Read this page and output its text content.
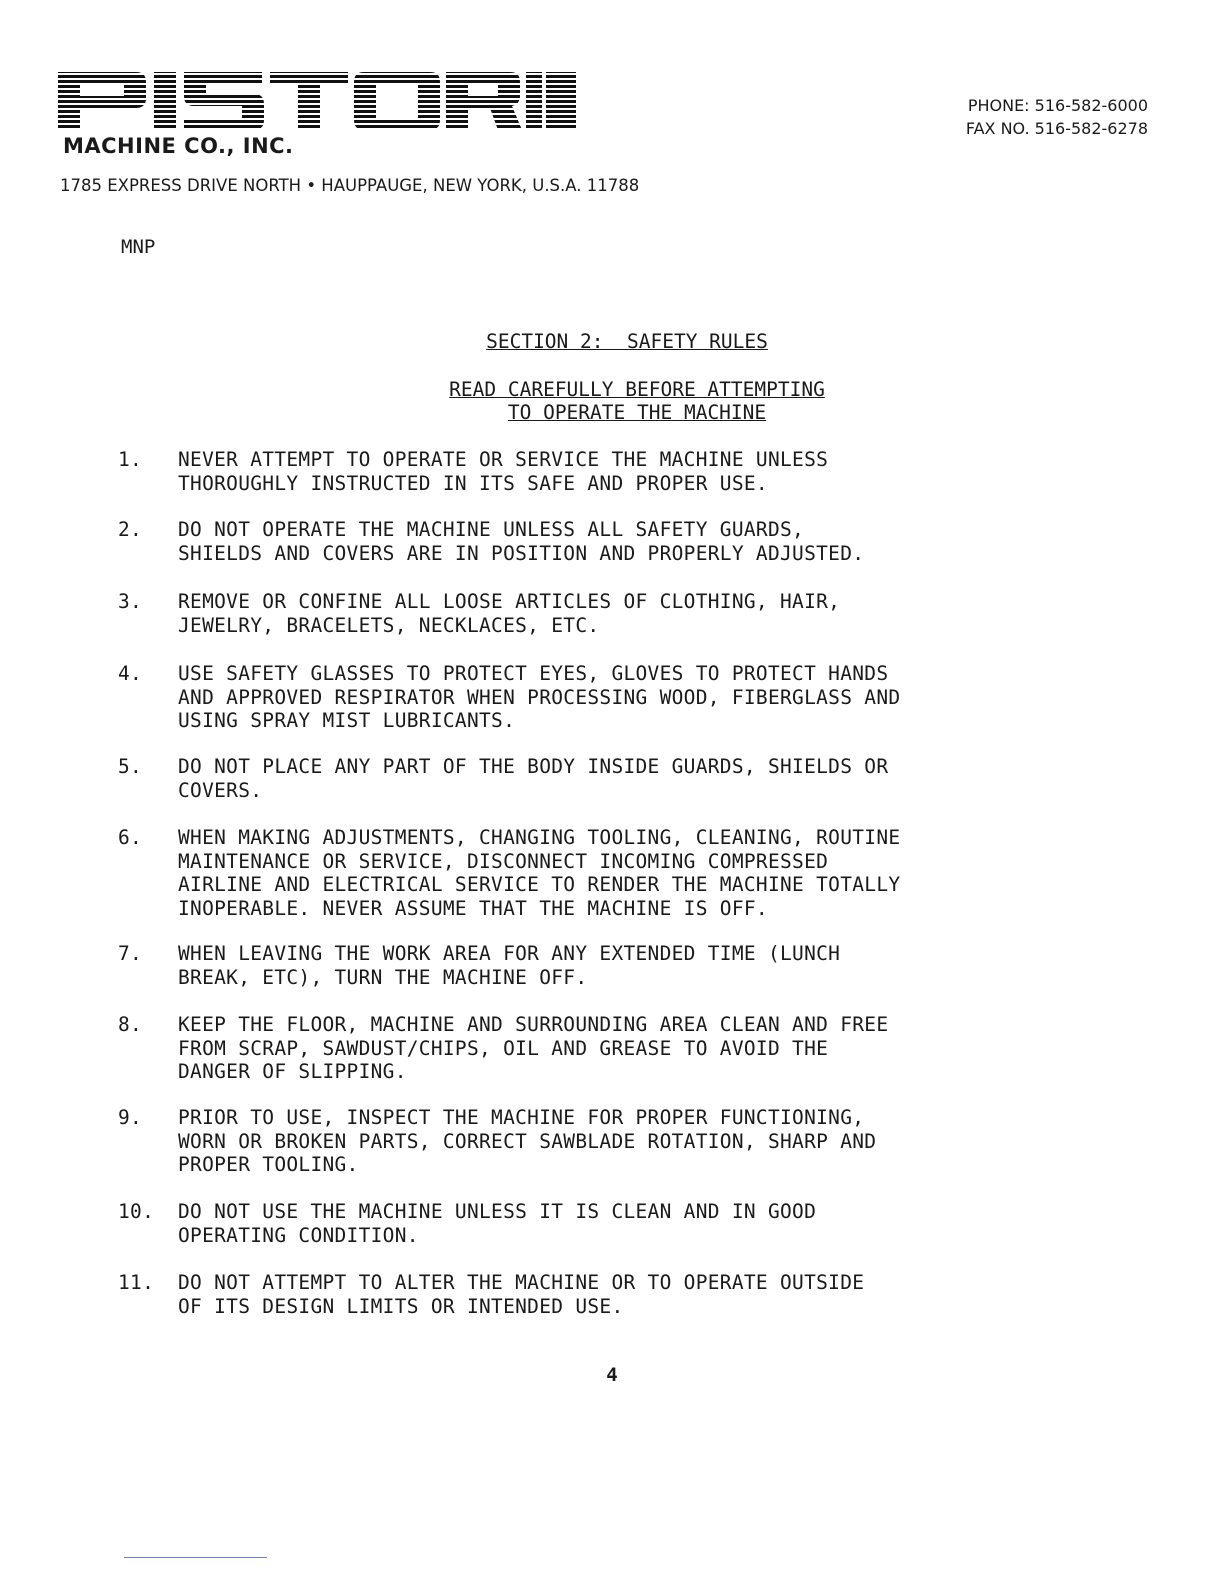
MACHINE CO., INC.
PHONE: 516-582-6000
FAX NO. 516-582-6278
1785 EXPRESS DRIVE NORTH • HAUPPAUGE, NEW YORK, U.S.A. 11788
MNP
SECTION 2:  SAFETY RULES
READ CAREFULLY BEFORE ATTEMPTING
TO OPERATE THE MACHINE
1. NEVER ATTEMPT TO OPERATE OR SERVICE THE MACHINE UNLESS
THOROUGHLY INSTRUCTED IN ITS SAFE AND PROPER USE.
2. DO NOT OPERATE THE MACHINE UNLESS ALL SAFETY GUARDS,
SHIELDS AND COVERS ARE IN POSITION AND PROPERLY ADJUSTED.
3. REMOVE OR CONFINE ALL LOOSE ARTICLES OF CLOTHING, HAIR,
JEWELRY, BRACELETS, NECKLACES, ETC.
4. USE SAFETY GLASSES TO PROTECT EYES, GLOVES TO PROTECT HANDS
AND APPROVED RESPIRATOR WHEN PROCESSING WOOD, FIBERGLASS AND
USING SPRAY MIST LUBRICANTS.
5. DO NOT PLACE ANY PART OF THE BODY INSIDE GUARDS, SHIELDS OR
COVERS.
6. WHEN MAKING ADJUSTMENTS, CHANGING TOOLING, CLEANING, ROUTINE
MAINTENANCE OR SERVICE, DISCONNECT INCOMING COMPRESSED
AIRLINE AND ELECTRICAL SERVICE TO RENDER THE MACHINE TOTALLY
INOPERABLE. NEVER ASSUME THAT THE MACHINE IS OFF.
7. WHEN LEAVING THE WORK AREA FOR ANY EXTENDED TIME (LUNCH
BREAK, ETC), TURN THE MACHINE OFF.
8. KEEP THE FLOOR, MACHINE AND SURROUNDING AREA CLEAN AND FREE
FROM SCRAP, SAWDUST/CHIPS, OIL AND GREASE TO AVOID THE
DANGER OF SLIPPING.
9. PRIOR TO USE, INSPECT THE MACHINE FOR PROPER FUNCTIONING,
WORN OR BROKEN PARTS, CORRECT SAWBLADE ROTATION, SHARP AND
PROPER TOOLING.
10. DO NOT USE THE MACHINE UNLESS IT IS CLEAN AND IN GOOD
OPERATING CONDITION.
11. DO NOT ATTEMPT TO ALTER THE MACHINE OR TO OPERATE OUTSIDE
OF ITS DESIGN LIMITS OR INTENDED USE.
4
